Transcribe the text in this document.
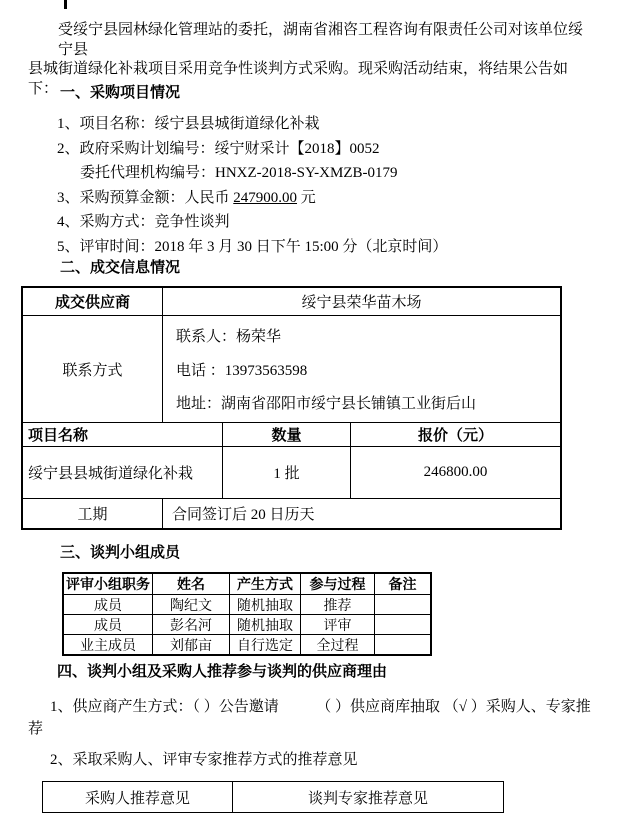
受绥宁县园林绿化管理站的委托，湖南省湘咨工程咨询有限责任公司对该单位绥宁县
县城街道绿化补栽项目采用竞争性谈判方式采购。现采购活动结束，将结果公告如下： 一、采购项目情况
1、项目名称：绥宁县县城街道绿化补栽
2、政府采购计划编号：绥宁财采计【2018】0052
委托代理机构编号：HNXZ-2018-SY-XMZB-0179
3、采购预算金额：人民币 247900.00 元
4、采购方式：竞争性谈判
5、评审时间：2018 年 3 月 30 日下午 15:00 分（北京时间）
二、成交信息情况
成交供应商	绥宁县荣华苗木场
联系方式
联系人：杨荣华
电话 ：13973563598
地址：湖南省邵阳市绥宁县长铺镇工业街后山
项目名称	数量	报价（元）
绥宁县县城街道绿化补栽	1 批	246800.00
工期	合同签订后 20 日历天
三、谈判小组成员
评审小组职务	姓名	产生方式	参与过程	备注
成员	陶纪文	随机抽取	推荐
成员	彭名河	随机抽取	评审
业主成员	刘郁亩	自行选定	全过程
四、谈判小组及采购人推荐参与谈判的供应商理由
1、供应商产生方式：（ ）公告邀请　　　（ ）供应商库抽取 （√ ）采购人、专家推
荐
2、采取采购人、评审专家推荐方式的推荐意见
采购人推荐意见	谈判专家推荐意见
